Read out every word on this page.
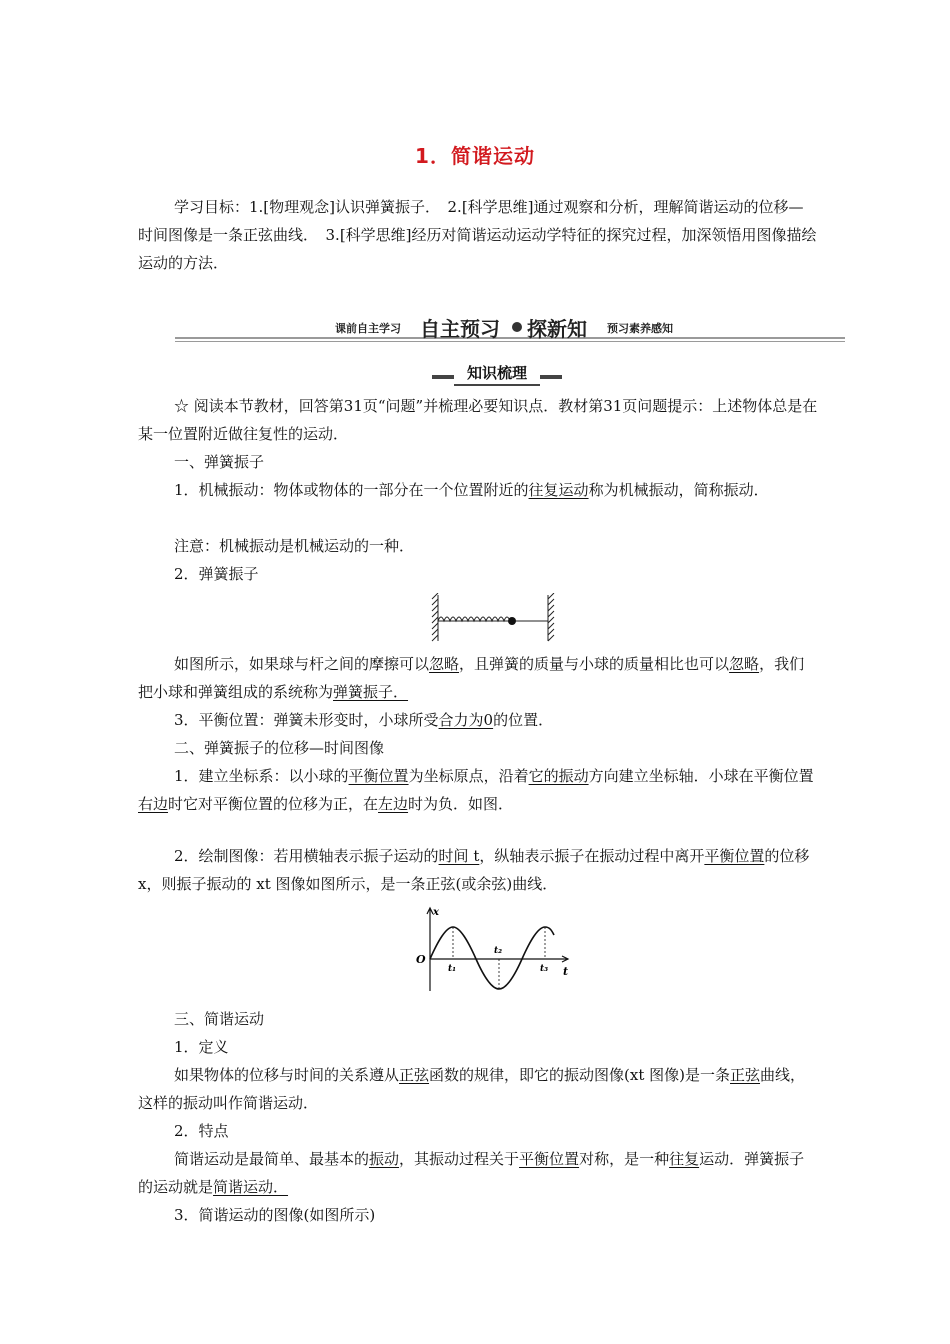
1．简谐运动
学习目标：1.[物理观念]认识弹簧振子．　2.[科学思维]通过观察和分析，理解简谐运动的位移—时间图像是一条正弦曲线．　3.[科学思维]经历对简谐运动运动学特征的探究过程，加深领悟用图像描绘运动的方法．
课前自主学习 自主预习 探新知 预习素养感知
知识梳理
☆ 阅读本节教材，回答第31页“问题”并梳理必要知识点．教材第31页问题提示：上述物体总是在某一位置附近做往复性的运动．
一、弹簧振子
1．机械振动：物体或物体的一部分在一个位置附近的往复运动称为机械振动，简称振动．
注意：机械振动是机械运动的一种．
2．弹簧振子
如图所示，如果球与杆之间的摩擦可以忽略，且弹簧的质量与小球的质量相比也可以忽略，我们把小球和弹簧组成的系统称为弹簧振子．
3．平衡位置：弹簧未形变时，小球所受合力为0的位置．
二、弹簧振子的位移—时间图像
1．建立坐标系：以小球的平衡位置为坐标原点，沿着它的振动方向建立坐标轴．小球在平衡位置右边时它对平衡位置的位移为正，在左边时为负．如图．
2．绘制图像：若用横轴表示振子运动的时间 t，纵轴表示振子在振动过程中离开平衡位置的位移 x，则振子振动的 xt 图像如图所示，是一条正弦(或余弦)曲线．
x
t
O
t₁
t₂
t₃
三、简谐运动
1．定义
如果物体的位移与时间的关系遵从正弦函数的规律，即它的振动图像(xt 图像)是一条正弦曲线，这样的振动叫作简谐运动．
2．特点
简谐运动是最简单、最基本的振动，其振动过程关于平衡位置对称，是一种往复运动．弹簧振子的运动就是简谐运动．
3．简谐运动的图像(如图所示)
